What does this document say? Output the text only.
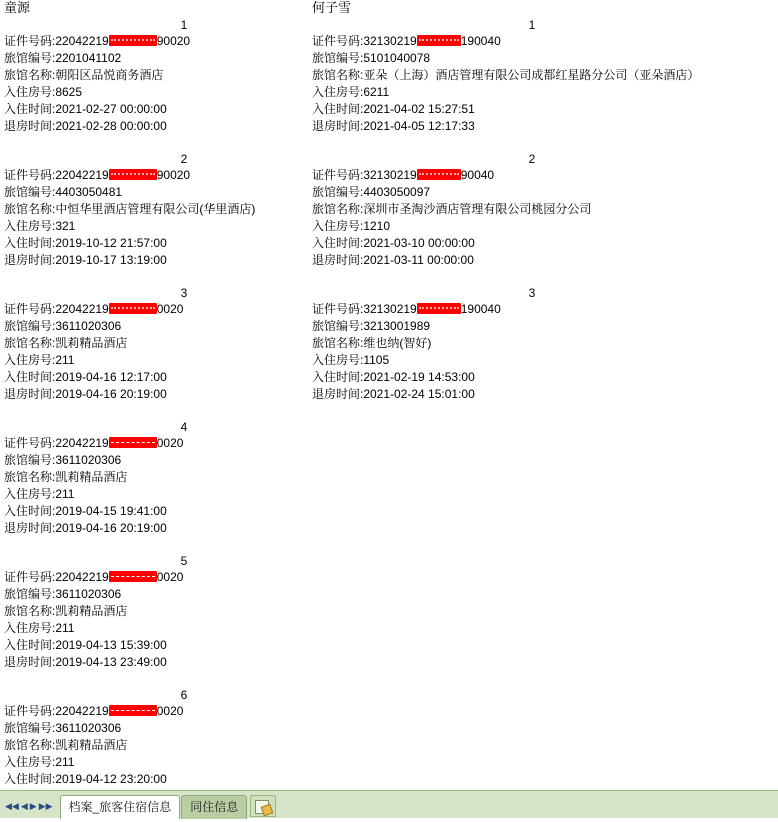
童源
1
证件号码:22042219	90020
旅馆编号:2201041102
旅馆名称:朝阳区品悦商务酒店
入住房号:8625
入住时间:2021-02-27 00:00:00
退房时间:2021-02-28 00:00:00
2
证件号码:22042219	90020
旅馆编号:4403050481
旅馆名称:中恒华里酒店管理有限公司(华里酒店)
入住房号:321
入住时间:2019-10-12 21:57:00
退房时间:2019-10-17 13:19:00
3
证件号码:22042219	0020
旅馆编号:3611020306
旅馆名称:凯莉精品酒店
入住房号:211
入住时间:2019-04-16 12:17:00
退房时间:2019-04-16 20:19:00
4
证件号码:22042219	0020
旅馆编号:3611020306
旅馆名称:凯莉精品酒店
入住房号:211
入住时间:2019-04-15 19:41:00
退房时间:2019-04-16 20:19:00
5
证件号码:22042219	0020
旅馆编号:3611020306
旅馆名称:凯莉精品酒店
入住房号:211
入住时间:2019-04-13 15:39:00
退房时间:2019-04-13 23:49:00
6
证件号码:22042219	0020
旅馆编号:3611020306
旅馆名称:凯莉精品酒店
入住房号:211
入住时间:2019-04-12 23:20:00
何子雪
1
证件号码:32130219	190040
旅馆编号:5101040078
旅馆名称:亚朵（上海）酒店管理有限公司成都红星路分公司（亚朵酒店）
入住房号:6211
入住时间:2021-04-02 15:27:51
退房时间:2021-04-05 12:17:33
2
证件号码:32130219	90040
旅馆编号:4403050097
旅馆名称:深圳市圣淘沙酒店管理有限公司桃园分公司
入住房号:1210
入住时间:2021-03-10 00:00:00
退房时间:2021-03-11 00:00:00
3
证件号码:32130219	190040
旅馆编号:3213001989
旅馆名称:维也纳(智好)
入住房号:1105
入住时间:2021-02-19 14:53:00
退房时间:2021-02-24 15:01:00
◀◀ ◀ ▶ ▶▶	档案_旅客住宿信息	同住信息
